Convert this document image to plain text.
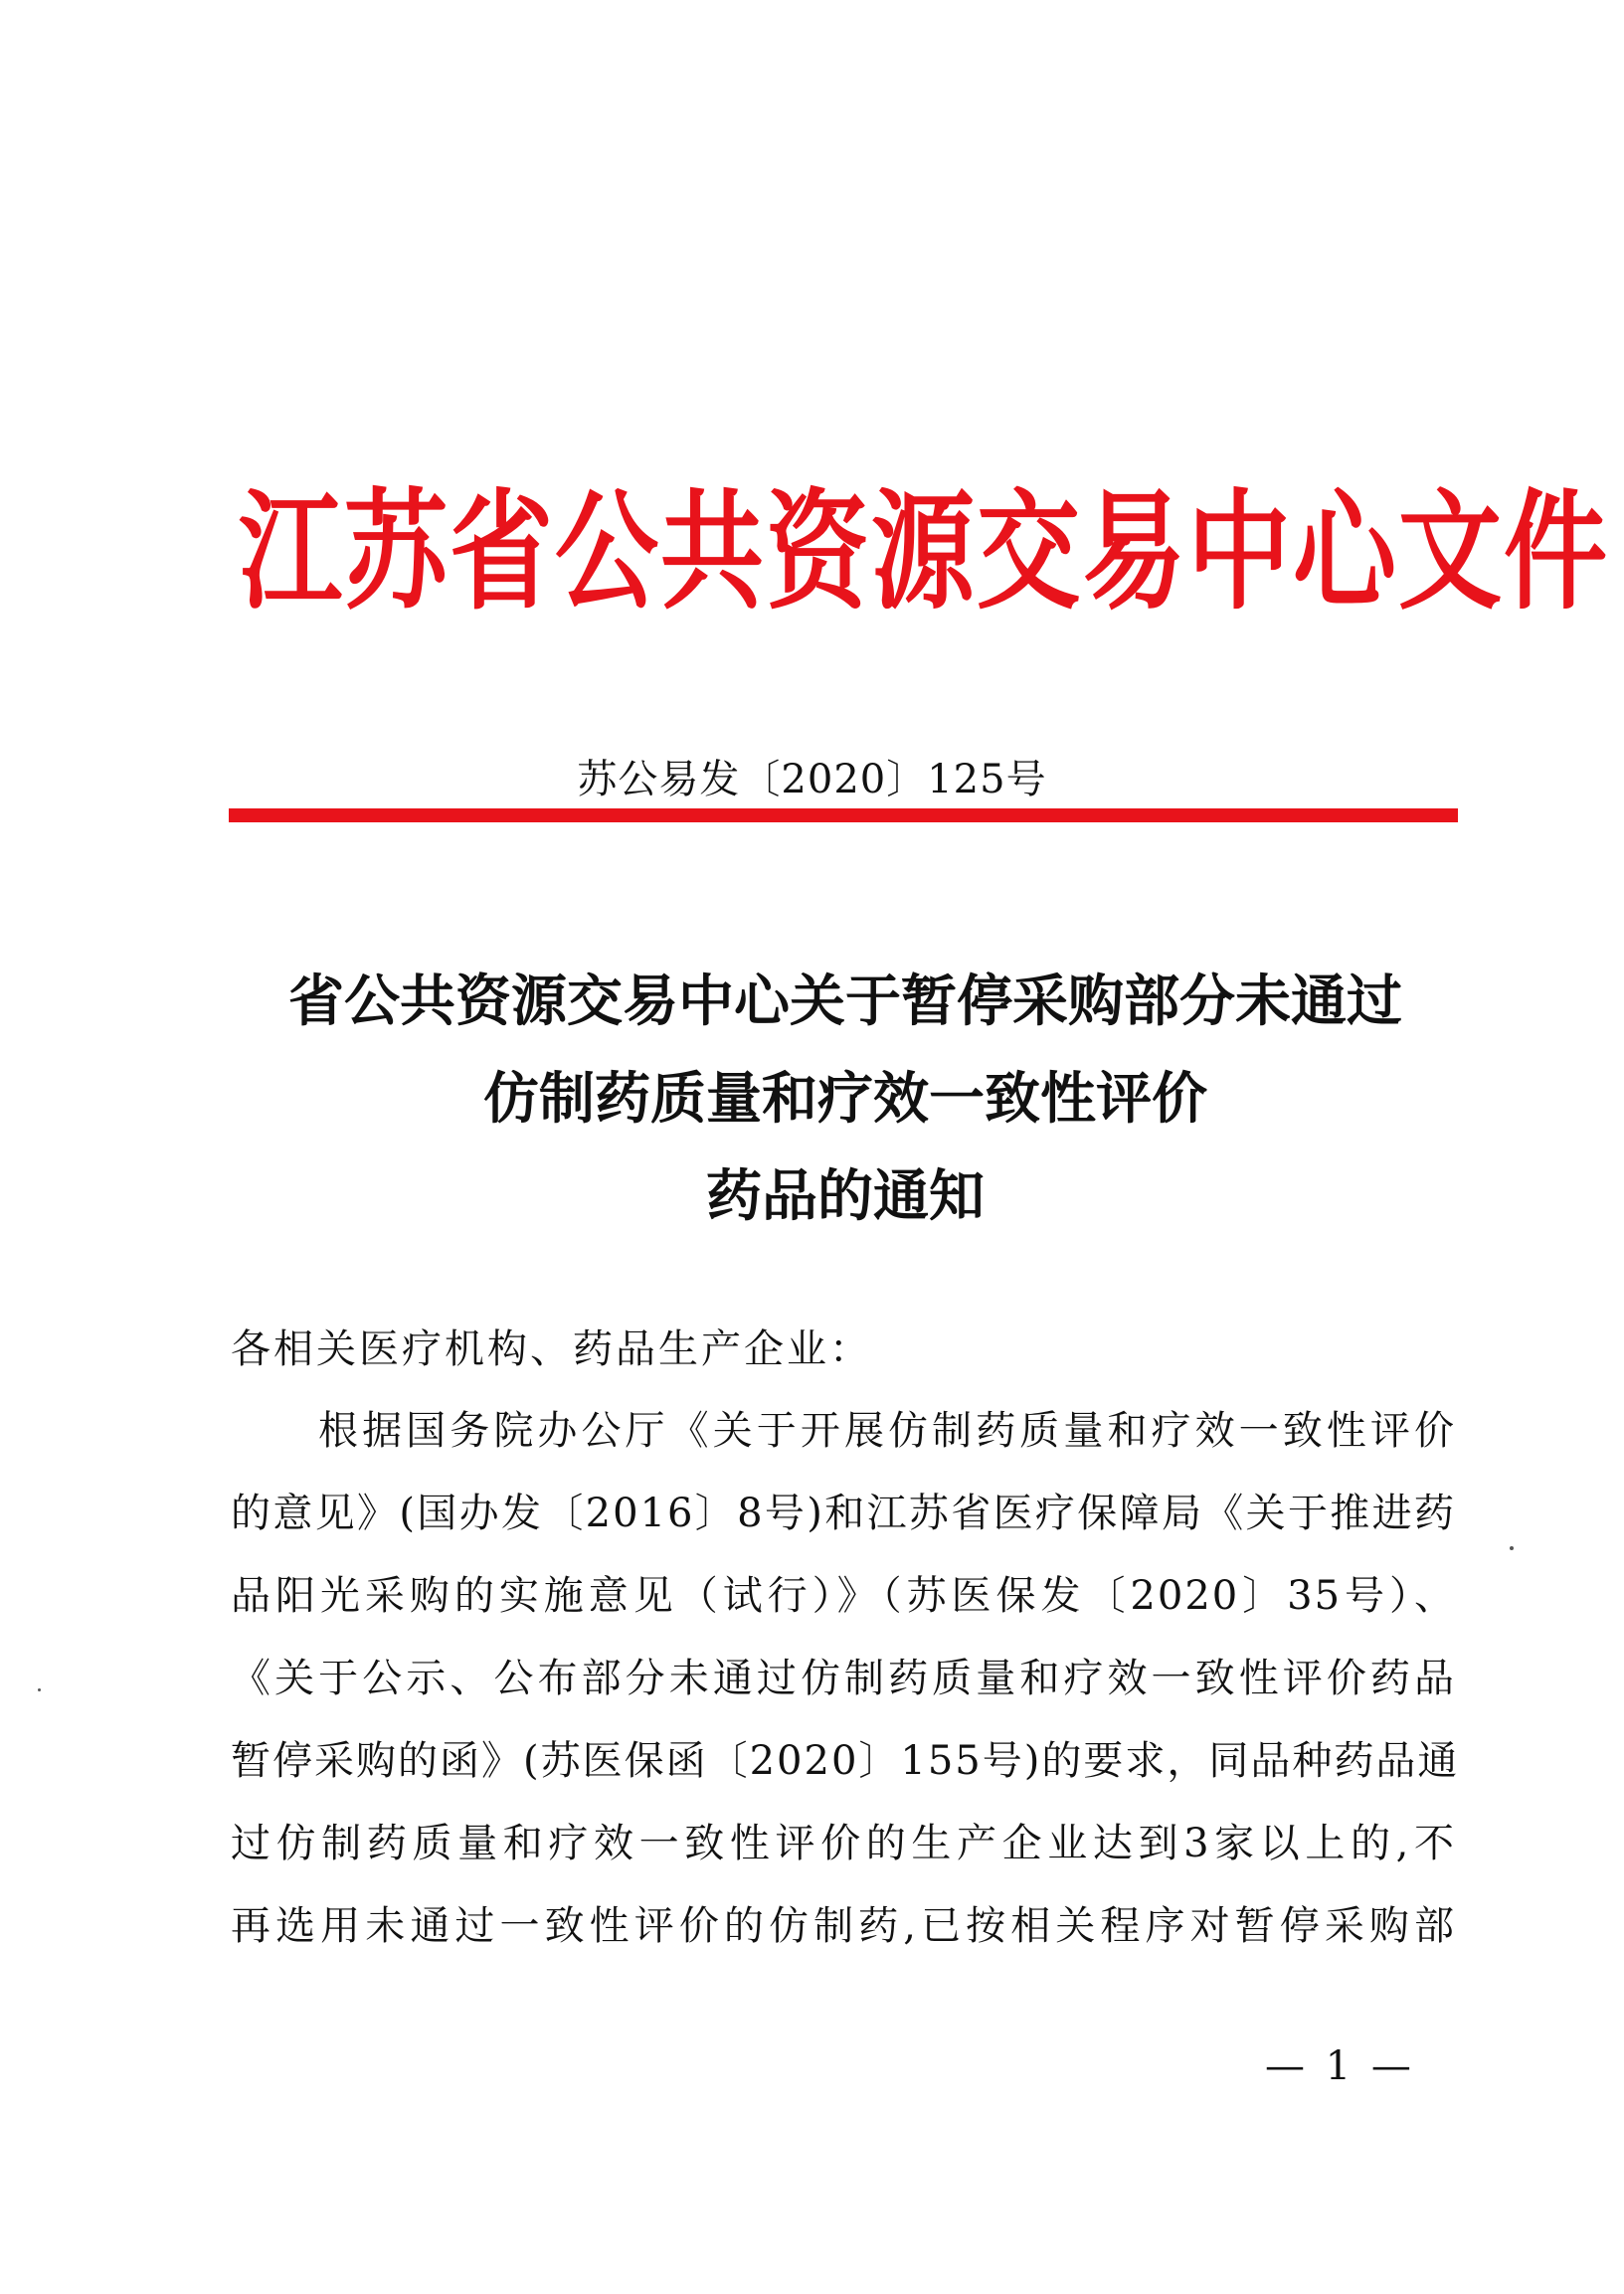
江苏省公共资源交易中心文件
苏公易发〔2020〕125号
省公共资源交易中心关于暂停采购部分未通过
仿制药质量和疗效一致性评价
药品的通知
各相关医疗机构、药品生产企业：
根据国务院办公厅《关于开展仿制药质量和疗效一致性评价
的意见》(国办发〔2016〕8号)和江苏省医疗保障局《关于推进药
品阳光采购的实施意见（试行）》（苏医保发〔2020〕35号）、
《关于公示、公布部分未通过仿制药质量和疗效一致性评价药品
暂停采购的函》(苏医保函〔2020〕155号)的要求，同品种药品通
过仿制药质量和疗效一致性评价的生产企业达到3家以上的,不
再选用未通过一致性评价的仿制药,已按相关程序对暂停采购部
— 1 —
